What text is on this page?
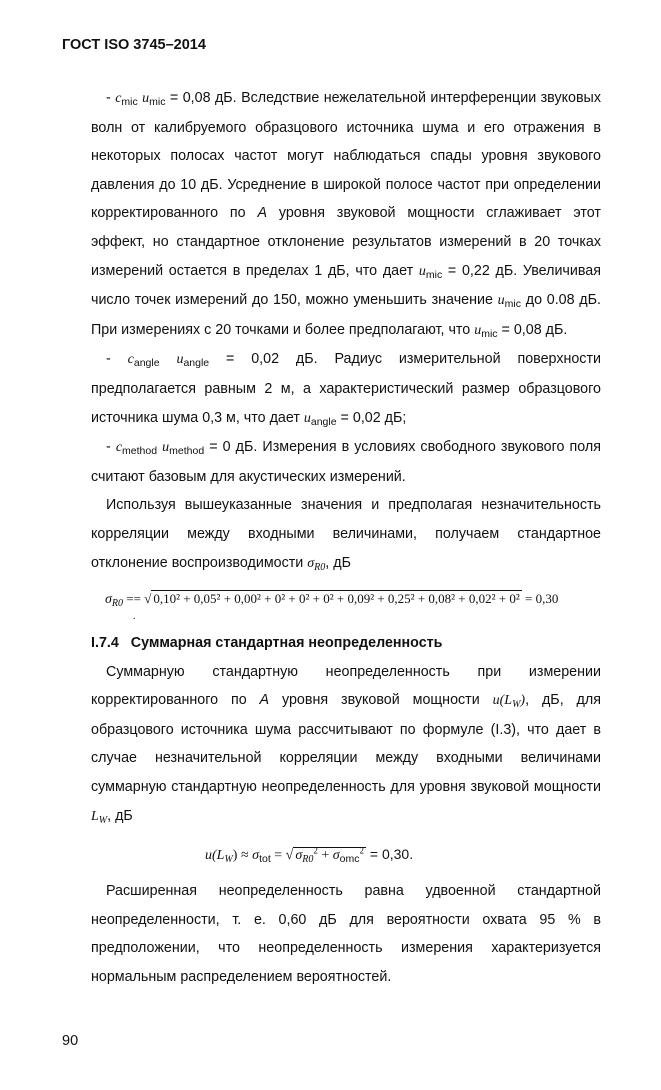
ГОСТ ISO 3745–2014

- $c_{mic}$ $u_{mic} = 0,08$ дБ. Вследствие нежелательной интерференции звуковых волн от калибруемого образцового источника шума и его отражения в некоторых полосах частот могут наблюдаться спады уровня звукового давления до 10 дБ. Усреднение в широкой полосе частот при определении корректированного по A уровня звуковой мощности сглаживает этот эффект, но стандартное отклонение результатов измерений в 20 точках измерений остается в пределах 1 дБ, что дает $u_{mic} = 0,22$ дБ. Увеличивая число точек измерений до 150, можно уменьшить значение $u_{mic}$ до 0.08 дБ. При измерениях с 20 точками и более предполагают, что $u_{mic} = 0,08$ дБ.

- $c_{angle}$ $u_{angle} = 0,02$ дБ. Радиус измерительной поверхности предполагается равным 2 м, а характеристический размер образцового источника шума 0,3 м, что дает $u_{angle} = 0,02$ дБ;

- $c_{method}$ $u_{method} = 0$ дБ. Измерения в условиях свободного звукового поля считают базовым для акустических измерений.

Используя вышеуказанные значения и предполагая незначительность корреляции между входными величинами, получаем стандартное отклонение воспроизводимости $\sigma_{R0}$, дБ

$\sigma_{R0}$ == √ 0,10² + 0,05² + 0,00² + 0² + 0² + 0² + 0,09² + 0,25² + 0,08² + 0,02² + 0² = 0,30
.

I.7.4 Суммарная стандартная неопределенность

Суммарную стандартную неопределенность при измерении корректированного по A уровня звуковой мощности $u(L_W)$, дБ, для образцового источника шума рассчитывают по формуле (I.3), что дает в случае незначительной корреляции между входными величинами суммарную стандартную неопределенность для уровня звуковой мощности $L_W$, дБ

$u(L_W) \approx \sigma_{tot}$ = √ $\sigma_{R0}^2 + \sigma_{omc}^2 = 0,30$.

Расширенная неопределенность равна удвоенной стандартной неопределенности, т. е. 0,60 дБ для вероятности охвата 95 % в предположении, что неопределенность измерения характеризуется нормальным распределением вероятностей.

90
